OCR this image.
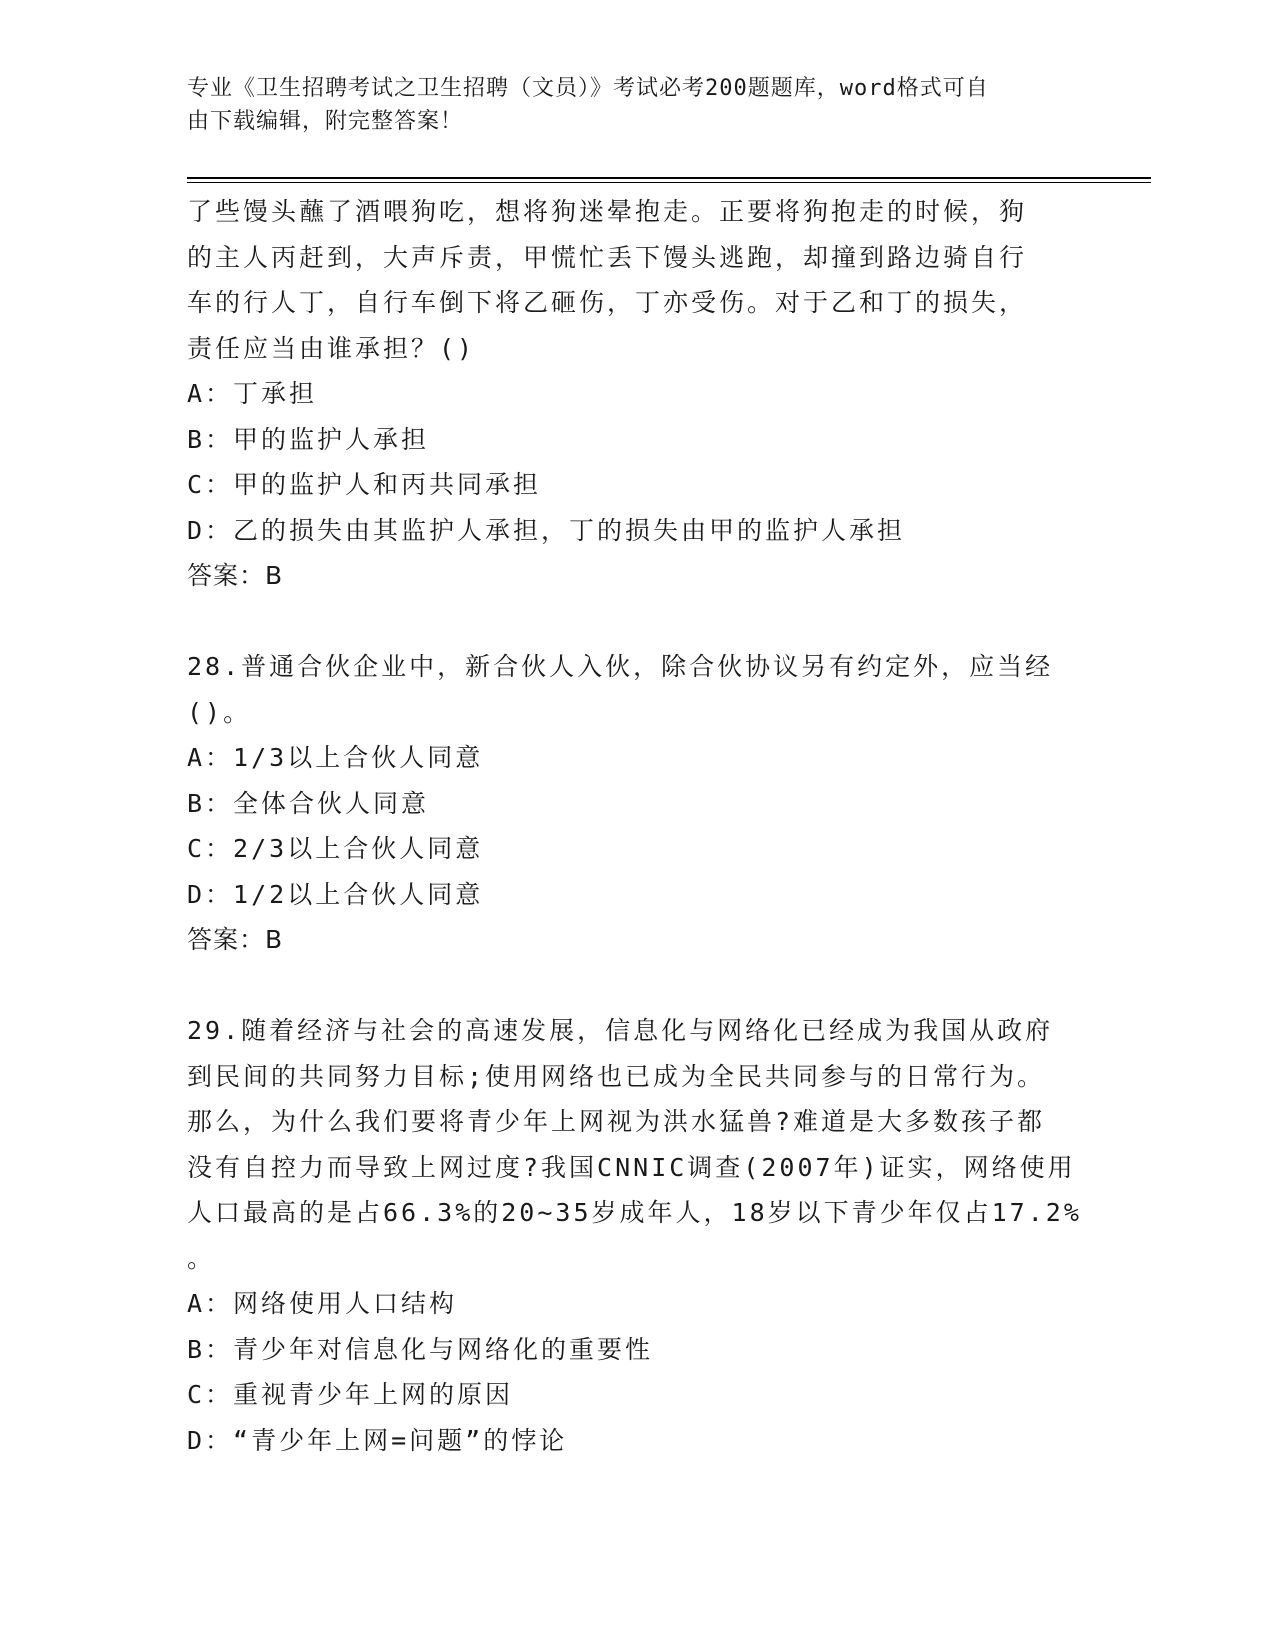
专业《卫生招聘考试之卫生招聘（文员）》考试必考200题题库，word格式可自
由下载编辑，附完整答案！
了些馒头蘸了酒喂狗吃，想将狗迷晕抱走。正要将狗抱走的时候，狗
的主人丙赶到，大声斥责，甲慌忙丢下馒头逃跑，却撞到路边骑自行
车的行人丁，自行车倒下将乙砸伤，丁亦受伤。对于乙和丁的损失，
责任应当由谁承担？()
A：丁承担
B：甲的监护人承担
C：甲的监护人和丙共同承担
D：乙的损失由其监护人承担，丁的损失由甲的监护人承担
答案：B
28.普通合伙企业中，新合伙人入伙，除合伙协议另有约定外，应当经
()。
A：1/3以上合伙人同意
B：全体合伙人同意
C：2/3以上合伙人同意
D：1/2以上合伙人同意
答案：B
29.随着经济与社会的高速发展，信息化与网络化已经成为我国从政府
到民间的共同努力目标;使用网络也已成为全民共同参与的日常行为。
那么，为什么我们要将青少年上网视为洪水猛兽?难道是大多数孩子都
没有自控力而导致上网过度?我国CNNIC调查(2007年)证实，网络使用
人口最高的是占66.3%的20~35岁成年人，18岁以下青少年仅占17.2%
。
A：网络使用人口结构
B：青少年对信息化与网络化的重要性
C：重视青少年上网的原因
D：“青少年上网=问题”的悖论
